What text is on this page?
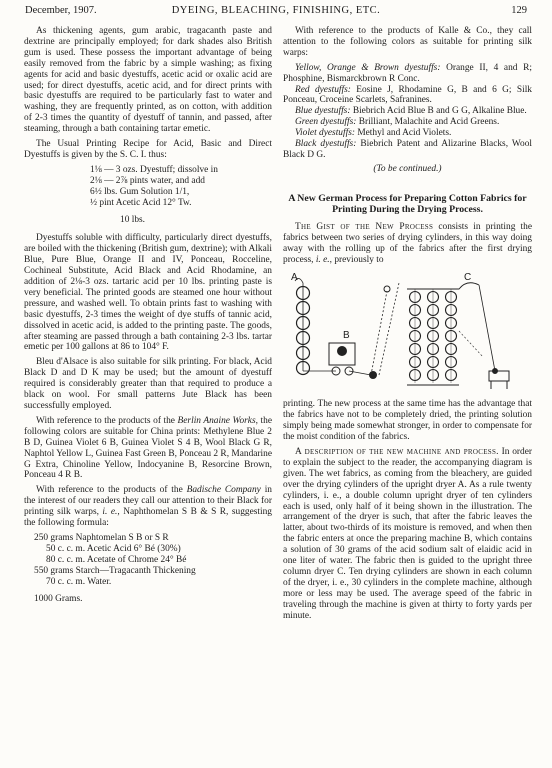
December, 1907.	DYEING, BLEACHING, FINISHING, ETC.	129

As thickening agents, gum arabic, tragacanth paste and dextrine are principally employed; for dark shades also British gum is used. These possess the important advantage of being easily removed from the fabric by a simple washing; as fixing agents for acid and basic dyestuffs, acetic acid or oxalic acid are used; for direct dyestuffs, acetic acid, and for direct prints with basic dyestuffs are required to be particularly fast to water and washing, they are frequently printed, as on cotton, with addition of 2-3 times the quantity of dyestuff of tannin, and passed, after steaming, through a bath containing tartar emetic.

The Usual Printing Recipe for Acid, Basic and Direct Dyestuffs is given by the S. C. I. thus:

1⅛ — 3 ozs. Dyestuff; dissolve in
2⅛ — 2⅞ pints water, and add
6½ lbs. Gum Solution 1/1,
½ pint Acetic Acid 12° Tw.
10 lbs.

Dyestuffs soluble with difficulty, particularly direct dyestuffs, are boiled with the thickening (British gum, dextrine); with Alkali Blue, Pure Blue, Orange II and IV, Ponceau, Rocceline, Cochineal Substitute, Acid Black and Acid Rhodamine, an addition of 2⅛-3 ozs. tartaric acid per 10 lbs. printing paste is very beneficial. The printed goods are steamed one hour without pressure, and washed well. To obtain prints fast to washing with basic dyestuffs, 2-3 times the weight of dye stuffs of tannic acid, dissolved in acetic acid, is added to the printing paste. The goods, after steaming are passed through a bath containing 2-3 lbs. tartar emetic per 100 gallons at 86 to 104° F.

Bleu d'Alsace is also suitable for silk printing. For black, Acid Black D and D K may be used; but the amount of dyestuff required is considerably greater than that required to produce a black on wool. For small patterns Jute Black has been successfully employed.

With reference to the products of the Berlin Anaine Works, the following colors are suitable for China prints: Methylene Blue 2 B D, Guinea Violet 6 B, Guinea Violet S 4 B, Wool Black G R, Naphtol Yellow L, Guinea Fast Green B, Ponceau 2 R, Mandarine G Extra, Chinoline Yellow, Indocyanine B, Resorcine Brown, Ponceau 4 R B.

With reference to the products of the Badische Company in the interest of our readers they call our attention to their Black for printing silk warps, i. e., Naphthomelan S B & S R, suggesting the following formula:

250 grams Naphtomelan S B or S R
50 c. c. m. Acetic Acid 6° Bé (30%)
80 c. c. m. Acetate of Chrome 24° Bé
550 grams Starch—Tragacanth Thickening
70 c. c. m. Water.
1000 Grams.

With reference to the products of Kalle & Co., they call attention to the following colors as suitable for printing silk warps:

Yellow, Orange & Brown dyestuffs: Orange II, 4 and R; Phosphine, Bismarckbrown R Conc.

Red dyestuffs: Eosine J, Rhodamine G, B and 6 G; Silk Ponceau, Croceine Scarlets, Safranines.

Blue dyestuffs: Biebrich Acid Blue B and G G, Alkaline Blue.

Green dyestuffs: Brilliant, Malachite and Acid Greens.

Violet dyestuffs: Methyl and Acid Violets.

Black dyestuffs: Biebrich Patent and Alizarine Blacks, Wool Black D G.

(To be continued.)
A New German Process for Preparing Cotton Fabrics for Printing During the Drying Process.

The Gist of the New Process consists in printing the fabrics between two series of drying cylinders, in this way doing away with the rolling up of the fabrics after the first drying process, i. e., previously to

A
B
C

printing. The new process at the same time has the advantage that the fabrics have not to be completely dried, the printing solution simply being made somewhat stronger, in order to compensate for the moist condition of the fabrics.

A description of the new machine and process. In order to explain the subject to the reader, the accompanying diagram is given. The wet fabrics, as coming from the bleachery, are guided over the drying cylinders of the upright dryer A. As a rule twenty cylinders, i. e., a double column upright dryer of ten cylinders each is used, only half of it being shown in the illustration. The arrangement of the dryer is such, that after the fabric leaves the latter, about two-thirds of its moisture is removed, and when then the fabric enters at once the preparing machine B, which contains a solution of 30 grams of the acid sodium salt of elaidic acid in one liter of water. The fabric then is guided to the upright three column dryer C. Ten drying cylinders are shown in each column of the dryer, i. e., 30 cylinders in the complete machine, although more or less may be used. The average speed of the fabric in traveling through the machine is given at thirty to forty yards per minute.
